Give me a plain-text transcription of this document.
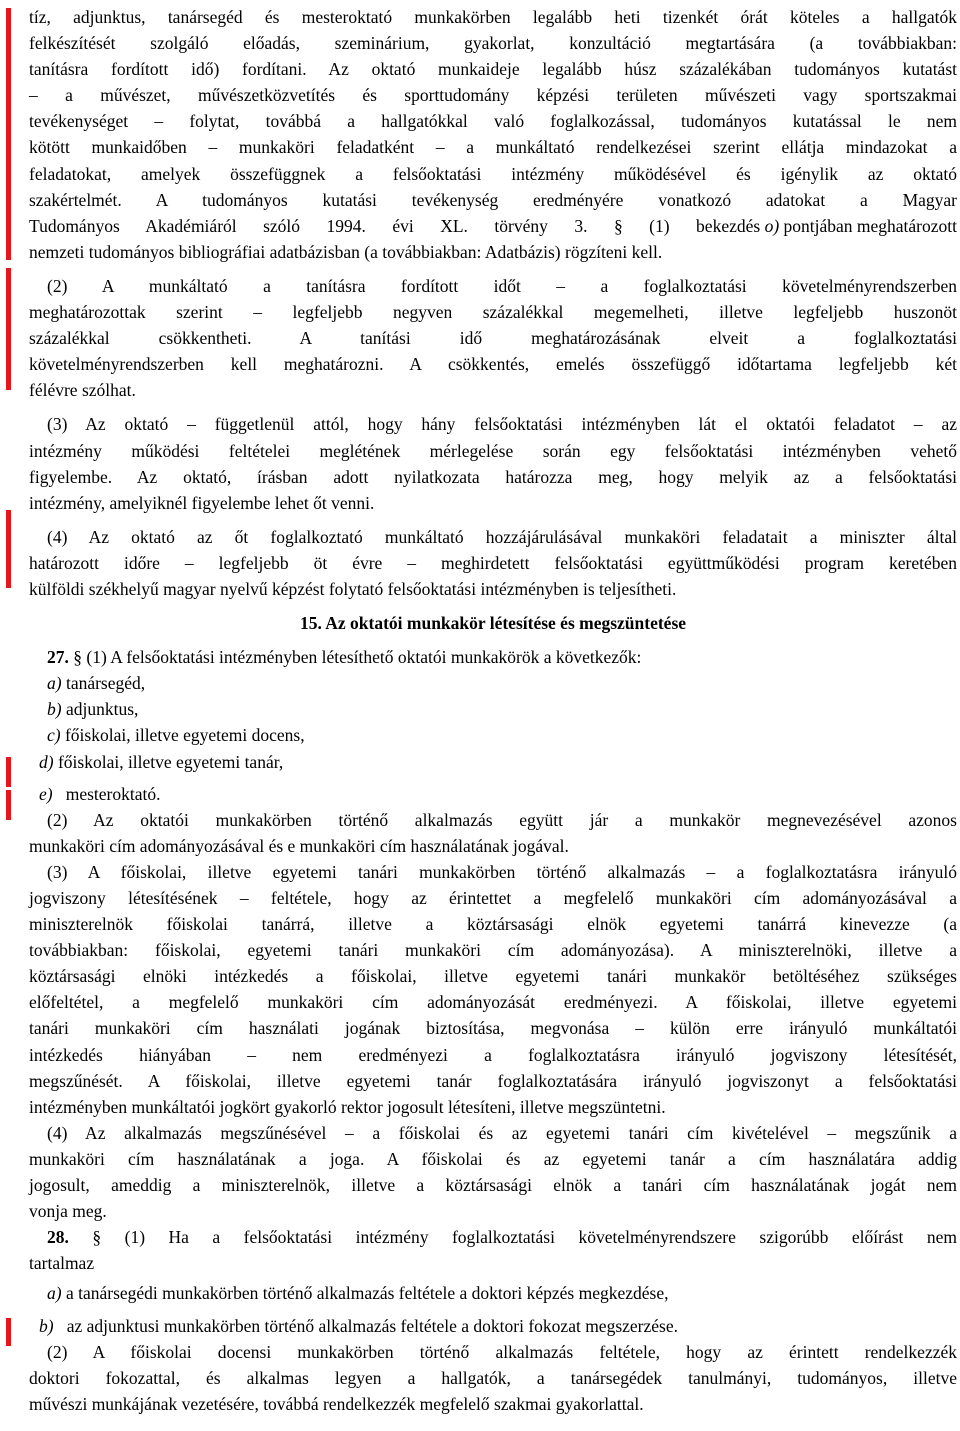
tíz, adjunktus, tanársegéd és mesteroktató munkakörben legalább heti tizenkét órát köteles a hallgatók
felkészítését szolgáló előadás, szeminárium, gyakorlat, konzultáció megtartására (a továbbiakban:
tanításra fordított idő) fordítani. Az oktató munkaideje legalább húsz százalékában tudományos kutatást
– a művészet, művészetközvetítés és sporttudomány képzési területen művészeti vagy sportszakmai
tevékenységet – folytat, továbbá a hallgatókkal való foglalkozással, tudományos kutatással le nem
kötött munkaidőben – munkaköri feladatként – a munkáltató rendelkezései szerint ellátja mindazokat a
feladatokat, amelyek összefüggnek a felsőoktatási intézmény működésével és igénylik az oktató
szakértelmét. A tudományos kutatási tevékenység eredményére vonatkozó adatokat a Magyar
Tudományos Akadémiáról szóló 1994. évi XL. törvény 3. § (1) bekezdés o) pontjában meghatározott
nemzeti tudományos bibliográfiai adatbázisban (a továbbiakban: Adatbázis) rögzíteni kell.
(2) A munkáltató a tanításra fordított időt – a foglalkoztatási követelményrendszerben
meghatározottak szerint – legfeljebb negyven százalékkal megemelheti, illetve legfeljebb huszonöt
százalékkal csökkentheti. A tanítási idő meghatározásának elveit a foglalkoztatási
követelményrendszerben kell meghatározni. A csökkentés, emelés összefüggő időtartama legfeljebb két
félévre szólhat.
(3) Az oktató – függetlenül attól, hogy hány felsőoktatási intézményben lát el oktatói feladatot – az
intézmény működési feltételei meglétének mérlegelése során egy felsőoktatási intézményben vehető
figyelembe. Az oktató, írásban adott nyilatkozata határozza meg, hogy melyik az a felsőoktatási
intézmény, amelyiknél figyelembe lehet őt venni.
(4) Az oktató az őt foglalkoztató munkáltató hozzájárulásával munkaköri feladatait a miniszter által
határozott időre – legfeljebb öt évre – meghirdetett felsőoktatási együttműködési program keretében
külföldi székhelyű magyar nyelvű képzést folytató felsőoktatási intézményben is teljesítheti.
15. Az oktatói munkakör létesítése és megszüntetése
27. § (1) A felsőoktatási intézményben létesíthető oktatói munkakörök a következők:
a) tanársegéd,
b) adjunktus,
c) főiskolai, illetve egyetemi docens,
d) főiskolai, illetve egyetemi tanár,
e) mesteroktató.
(2) Az oktatói munkakörben történő alkalmazás együtt jár a munkakör megnevezésével azonos
munkaköri cím adományozásával és e munkaköri cím használatának jogával.
(3) A főiskolai, illetve egyetemi tanári munkakörben történő alkalmazás – a foglalkoztatásra irányuló
jogviszony létesítésének – feltétele, hogy az érintettet a megfelelő munkaköri cím adományozásával a
miniszterelnök főiskolai tanárrá, illetve a köztársasági elnök egyetemi tanárrá kinevezze (a
továbbiakban: főiskolai, egyetemi tanári munkaköri cím adományozása). A miniszterelnöki, illetve a
köztársasági elnöki intézkedés a főiskolai, illetve egyetemi tanári munkakör betöltéséhez szükséges
előfeltétel, a megfelelő munkaköri cím adományozását eredményezi. A főiskolai, illetve egyetemi
tanári munkaköri cím használati jogának biztosítása, megvonása – külön erre irányuló munkáltatói
intézkedés hiányában – nem eredményezi a foglalkoztatásra irányuló jogviszony létesítését,
megszűnését. A főiskolai, illetve egyetemi tanár foglalkoztatására irányuló jogviszonyt a felsőoktatási
intézményben munkáltatói jogkört gyakorló rektor jogosult létesíteni, illetve megszüntetni.
(4) Az alkalmazás megszűnésével – a főiskolai és az egyetemi tanári cím kivételével – megszűnik a
munkaköri cím használatának a joga. A főiskolai és az egyetemi tanár a cím használatára addig
jogosult, ameddig a miniszterelnök, illetve a köztársasági elnök a tanári cím használatának jogát nem
vonja meg.
28. § (1) Ha a felsőoktatási intézmény foglalkoztatási követelményrendszere szigorúbb előírást nem
tartalmaz
a) a tanársegédi munkakörben történő alkalmazás feltétele a doktori képzés megkezdése,
b) az adjunktusi munkakörben történő alkalmazás feltétele a doktori fokozat megszerzése.
(2) A főiskolai docensi munkakörben történő alkalmazás feltétele, hogy az érintett rendelkezzék
doktori fokozattal, és alkalmas legyen a hallgatók, a tanársegédek tanulmányi, tudományos, illetve
művészi munkájának vezetésére, továbbá rendelkezzék megfelelő szakmai gyakorlattal.
